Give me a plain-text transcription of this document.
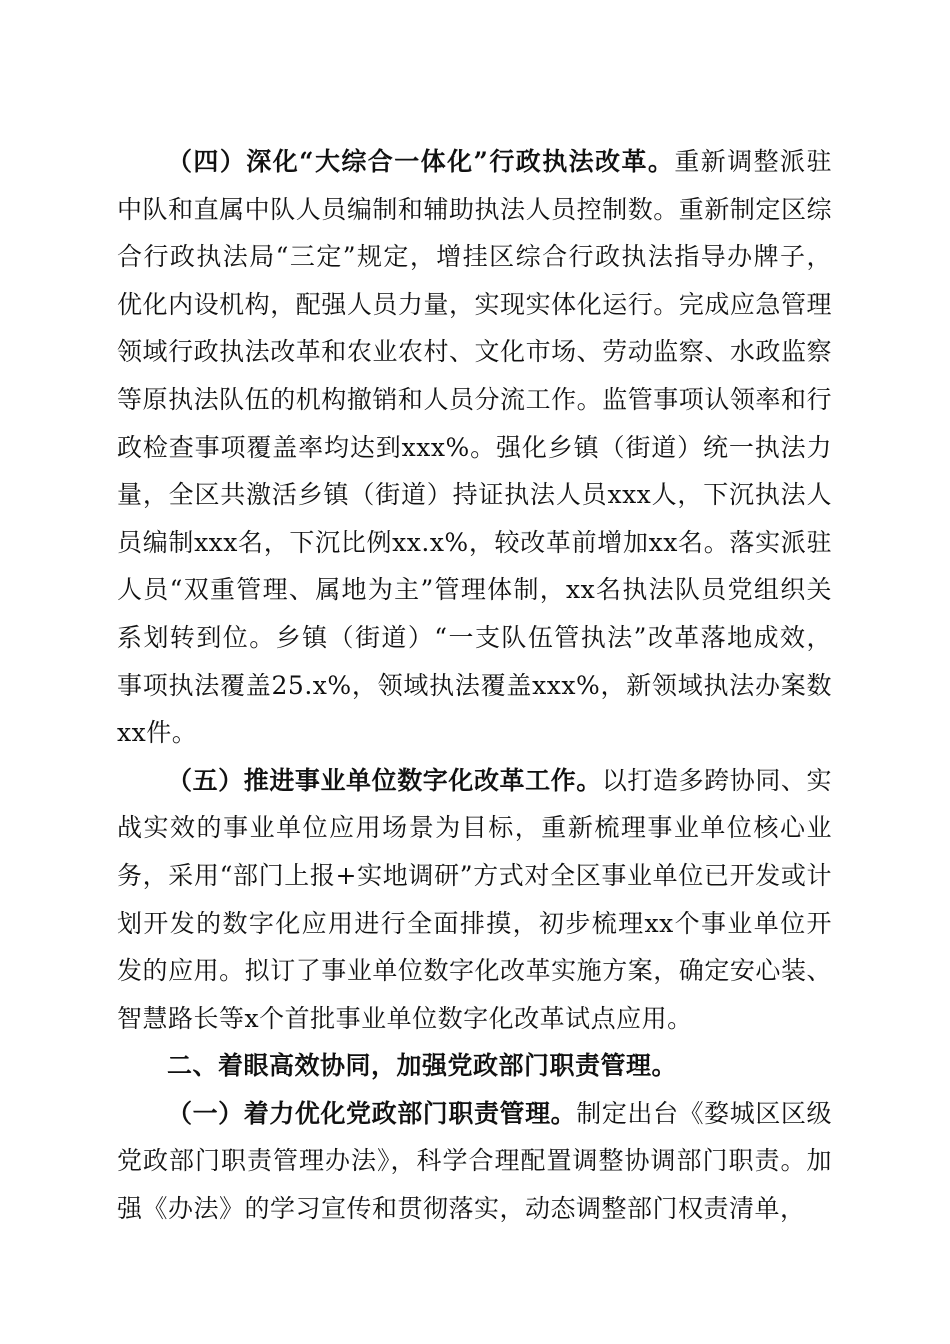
（四）深化“大综合一体化”行政执法改革。重新调整派驻中队和直属中队人员编制和辅助执法人员控制数。重新制定区综合行政执法局“三定”规定，增挂区综合行政执法指导办牌子，优化内设机构，配强人员力量，实现实体化运行。完成应急管理领域行政执法改革和农业农村、文化市场、劳动监察、水政监察等原执法队伍的机构撤销和人员分流工作。监管事项认领率和行政检查事项覆盖率均达到xxx%。强化乡镇（街道）统一执法力量，全区共激活乡镇（街道）持证执法人员xxx人，下沉执法人员编制xxx名，下沉比例xx.x%，较改革前增加xx名。落实派驻人员“双重管理、属地为主”管理体制，xx名执法队员党组织关系划转到位。乡镇（街道）“一支队伍管执法”改革落地成效，事项执法覆盖25.x%，领域执法覆盖xxx%，新领域执法办案数xx件。

（五）推进事业单位数字化改革工作。以打造多跨协同、实战实效的事业单位应用场景为目标，重新梳理事业单位核心业务，采用“部门上报+实地调研”方式对全区事业单位已开发或计划开发的数字化应用进行全面排摸，初步梳理xx个事业单位开发的应用。拟订了事业单位数字化改革实施方案，确定安心装、智慧路长等x个首批事业单位数字化改革试点应用。

二、着眼高效协同，加强党政部门职责管理。

（一）着力优化党政部门职责管理。制定出台《婺城区区级党政部门职责管理办法》，科学合理配置调整协调部门职责。加强《办法》的学习宣传和贯彻落实，动态调整部门权责清单，
